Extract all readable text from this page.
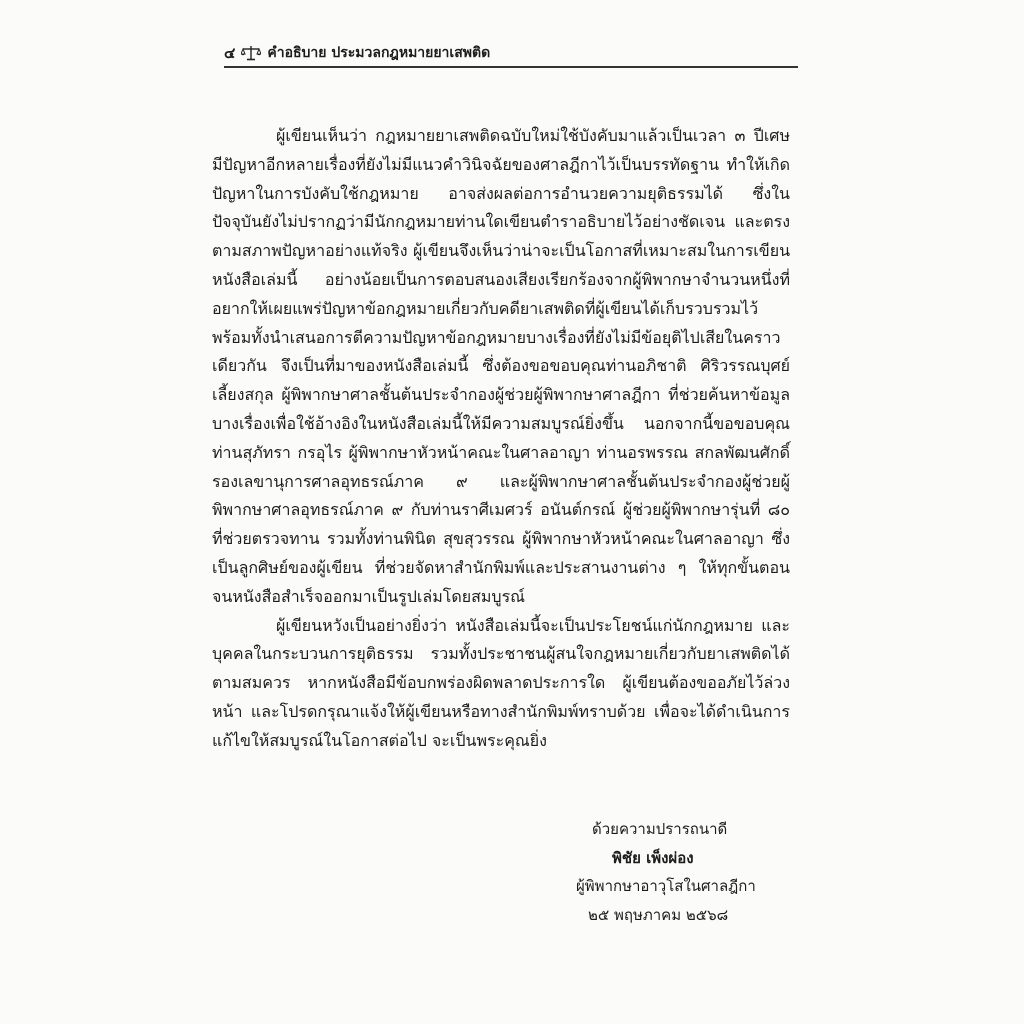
๔ คำอธิบาย ประมวลกฎหมายยาเสพติด

ผู้เขียนเห็นว่า กฎหมายยาเสพติดฉบับใหม่ใช้บังคับมาแล้วเป็นเวลา ๓ ปีเศษ มีปัญหาอีกหลายเรื่องที่ยังไม่มีแนวคำวินิจฉัยของศาลฎีกาไว้เป็นบรรทัดฐาน ทำให้เกิดปัญหาในการบังคับใช้กฎหมาย อาจส่งผลต่อการอำนวยความยุติธรรมได้ ซึ่งในปัจจุบันยังไม่ปรากฏว่ามีนักกฎหมายท่านใดเขียนตำราอธิบายไว้อย่างชัดเจน และตรงตามสภาพปัญหาอย่างแท้จริง ผู้เขียนจึงเห็นว่าน่าจะเป็นโอกาสที่เหมาะสมในการเขียนหนังสือเล่มนี้ อย่างน้อยเป็นการตอบสนองเสียงเรียกร้องจากผู้พิพากษาจำนวนหนึ่งที่อยากให้เผยแพร่ปัญหาข้อกฎหมายเกี่ยวกับคดียาเสพติดที่ผู้เขียนได้เก็บรวบรวมไว้ พร้อมทั้งนำเสนอการตีความปัญหาข้อกฎหมายบางเรื่องที่ยังไม่มีข้อยุติไปเสียในคราวเดียวกัน จึงเป็นที่มาของหนังสือเล่มนี้ ซึ่งต้องขอขอบคุณท่านอภิชาติ ศิริวรรณบุศย์ เลี้ยงสกุล ผู้พิพากษาศาลชั้นต้นประจำกองผู้ช่วยผู้พิพากษาศาลฎีกา ที่ช่วยค้นหาข้อมูลบางเรื่องเพื่อใช้อ้างอิงในหนังสือเล่มนี้ให้มีความสมบูรณ์ยิ่งขึ้น นอกจากนี้ขอขอบคุณท่านสุภัทรา กรอุไร ผู้พิพากษาหัวหน้าคณะในศาลอาญา ท่านอรพรรณ สกลพัฒนศักดิ์ รองเลขานุการศาลอุทธรณ์ภาค ๙ และผู้พิพากษาศาลชั้นต้นประจำกองผู้ช่วยผู้พิพากษาศาลอุทธรณ์ภาค ๙ กับท่านราศีเมศวร์ อนันต์กรณ์ ผู้ช่วยผู้พิพากษารุ่นที่ ๘๐ ที่ช่วยตรวจทาน รวมทั้งท่านพินิต สุขสุวรรณ ผู้พิพากษาหัวหน้าคณะในศาลอาญา ซึ่งเป็นลูกศิษย์ของผู้เขียน ที่ช่วยจัดหาสำนักพิมพ์และประสานงานต่าง ๆ ให้ทุกขั้นตอน จนหนังสือสำเร็จออกมาเป็นรูปเล่มโดยสมบูรณ์

ผู้เขียนหวังเป็นอย่างยิ่งว่า หนังสือเล่มนี้จะเป็นประโยชน์แก่นักกฎหมาย และบุคคลในกระบวนการยุติธรรม รวมทั้งประชาชนผู้สนใจกฎหมายเกี่ยวกับยาเสพติดได้ตามสมควร หากหนังสือมีข้อบกพร่องผิดพลาดประการใด ผู้เขียนต้องขออภัยไว้ล่วงหน้า และโปรดกรุณาแจ้งให้ผู้เขียนหรือทางสำนักพิมพ์ทราบด้วย เพื่อจะได้ดำเนินการแก้ไขให้สมบูรณ์ในโอกาสต่อไป จะเป็นพระคุณยิ่ง

ด้วยความปรารถนาดี
พิชัย เพ็งผ่อง
ผู้พิพากษาอาวุโสในศาลฎีกา
๒๕ พฤษภาคม ๒๕๖๘
